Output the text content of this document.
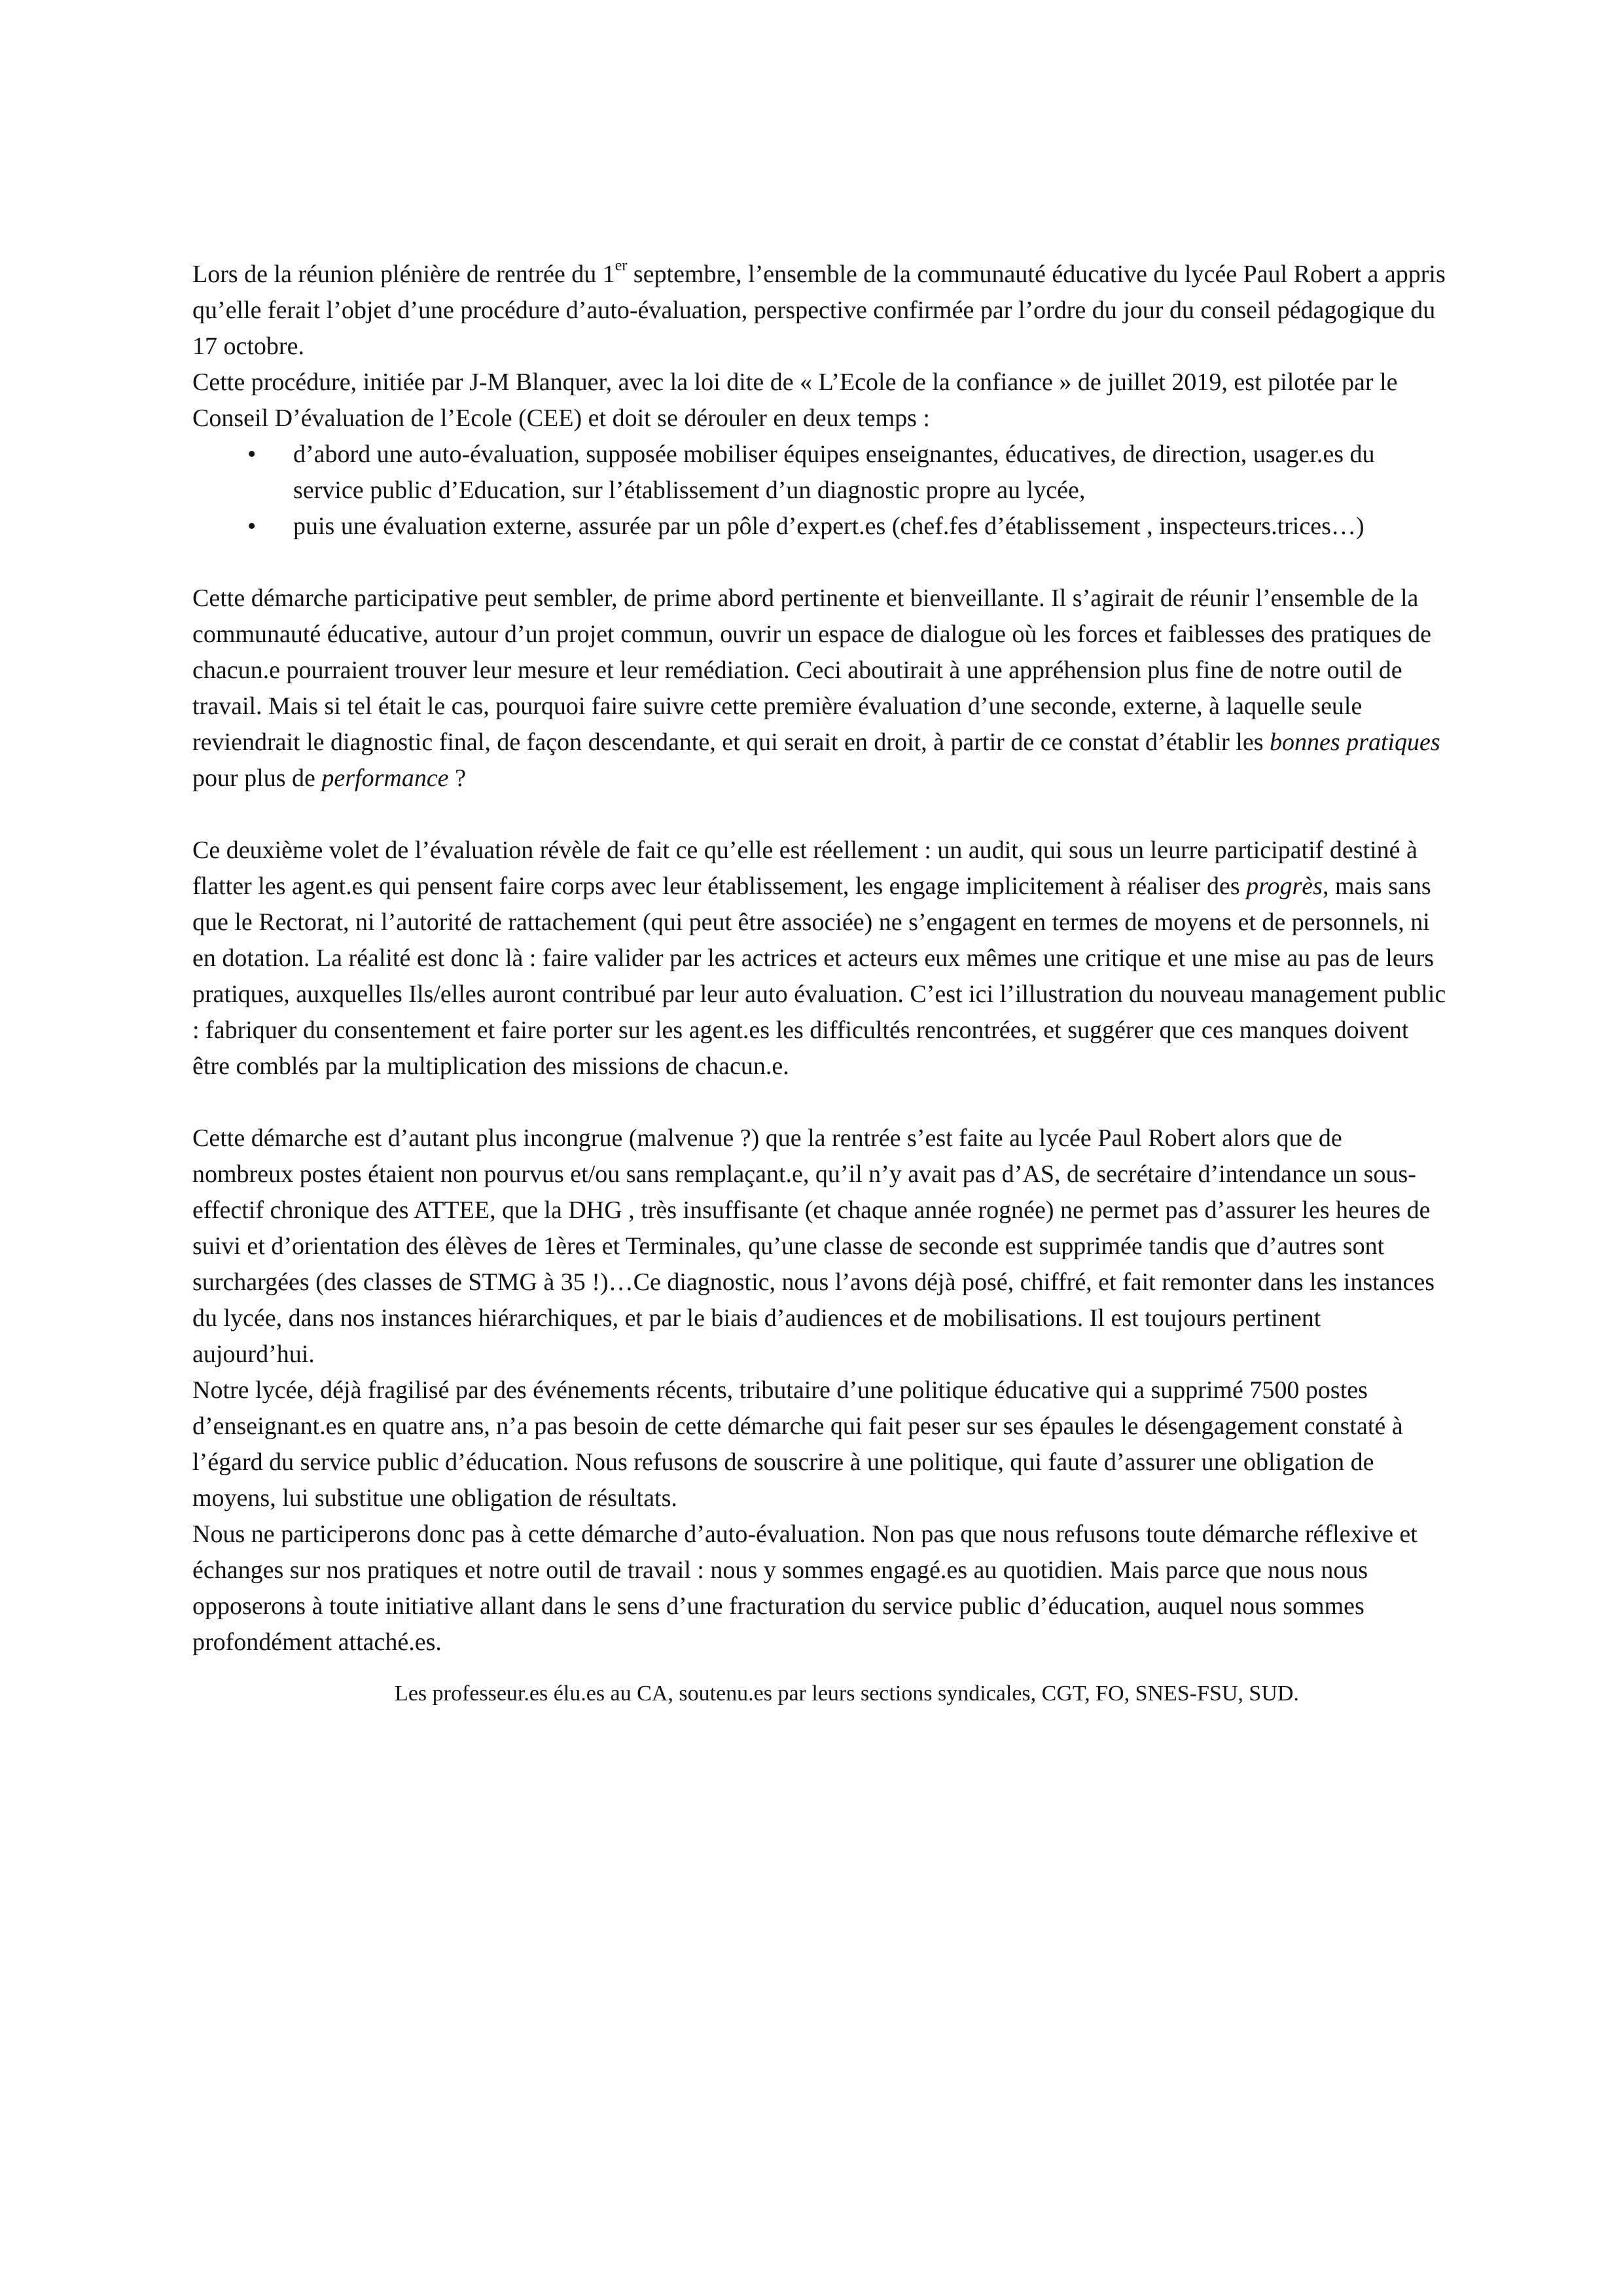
Lors de la réunion plénière de rentrée du 1er septembre, l’ensemble de la communauté éducative du lycée Paul Robert a appris qu’elle ferait l’objet d’une procédure d’auto-évaluation, perspective confirmée par l’ordre du jour du conseil pédagogique du 17 octobre.

Cette procédure, initiée par J-M Blanquer, avec la loi dite de « L’Ecole de la confiance » de juillet 2019, est pilotée par le Conseil D’évaluation de l’Ecole (CEE) et doit se dérouler en deux temps :

• d’abord une auto-évaluation, supposée mobiliser équipes enseignantes, éducatives, de direction, usager.es du service public d’Education, sur l’établissement d’un diagnostic propre au lycée,
• puis une évaluation externe, assurée par un pôle d’expert.es (chef.fes d’établissement , inspecteurs.trices…)

Cette démarche participative peut sembler, de prime abord pertinente et bienveillante. Il s’agirait de réunir l’ensemble de la communauté éducative, autour d’un projet commun, ouvrir un espace de dialogue où les forces et faiblesses des pratiques de chacun.e pourraient trouver leur mesure et leur remédiation. Ceci aboutirait à une appréhension plus fine de notre outil de travail. Mais si tel était le cas, pourquoi faire suivre cette première évaluation d’une seconde, externe, à laquelle seule reviendrait le diagnostic final, de façon descendante, et qui serait en droit, à partir de ce constat d’établir les bonnes pratiques pour plus de performance ?

Ce deuxième volet de l’évaluation révèle de fait ce qu’elle est réellement : un audit, qui sous un leurre participatif destiné à flatter les agent.es qui pensent faire corps avec leur établissement, les engage implicitement à réaliser des progrès, mais sans que le Rectorat, ni l’autorité de rattachement (qui peut être associée) ne s’engagent en termes de moyens et de personnels, ni en dotation. La réalité est donc là : faire valider par les actrices et acteurs eux mêmes une critique et une mise au pas de leurs pratiques, auxquelles Ils/elles auront contribué par leur auto évaluation. C’est ici l’illustration du nouveau management public : fabriquer du consentement et faire porter sur les agent.es les difficultés rencontrées, et suggérer que ces manques doivent être comblés par la multiplication des missions de chacun.e.

Cette démarche est d’autant plus incongrue (malvenue ?) que la rentrée s’est faite au lycée Paul Robert alors que de nombreux postes étaient non pourvus et/ou sans remplaçant.e, qu’il n’y avait pas d’AS, de secrétaire d’intendance un sous-effectif chronique des ATTEE, que la DHG , très insuffisante (et chaque année rognée) ne permet pas d’assurer les heures de suivi et d’orientation des élèves de 1ères et Terminales, qu’une classe de seconde est supprimée tandis que d’autres sont surchargées (des classes de STMG à 35 !)…Ce diagnostic, nous l’avons déjà posé, chiffré, et fait remonter dans les instances du lycée, dans nos instances hiérarchiques, et par le biais d’audiences et de mobilisations. Il est toujours pertinent aujourd’hui.

Notre lycée, déjà fragilisé par des événements récents, tributaire d’une politique éducative qui a supprimé 7500 postes d’enseignant.es en quatre ans, n’a pas besoin de cette démarche qui fait peser sur ses épaules le désengagement constaté à l’égard du service public d’éducation. Nous refusons de souscrire à une politique, qui faute d’assurer une obligation de moyens, lui substitue une obligation de résultats.

Nous ne participerons donc pas à cette démarche d’auto-évaluation. Non pas que nous refusons toute démarche réflexive et échanges sur nos pratiques et notre outil de travail : nous y sommes engagé.es au quotidien. Mais parce que nous nous opposerons à toute initiative allant dans le sens d’une fracturation du service public d’éducation, auquel nous sommes profondément attaché.es.

Les professeur.es élu.es au CA, soutenu.es par leurs sections syndicales, CGT, FO, SNES-FSU, SUD.
